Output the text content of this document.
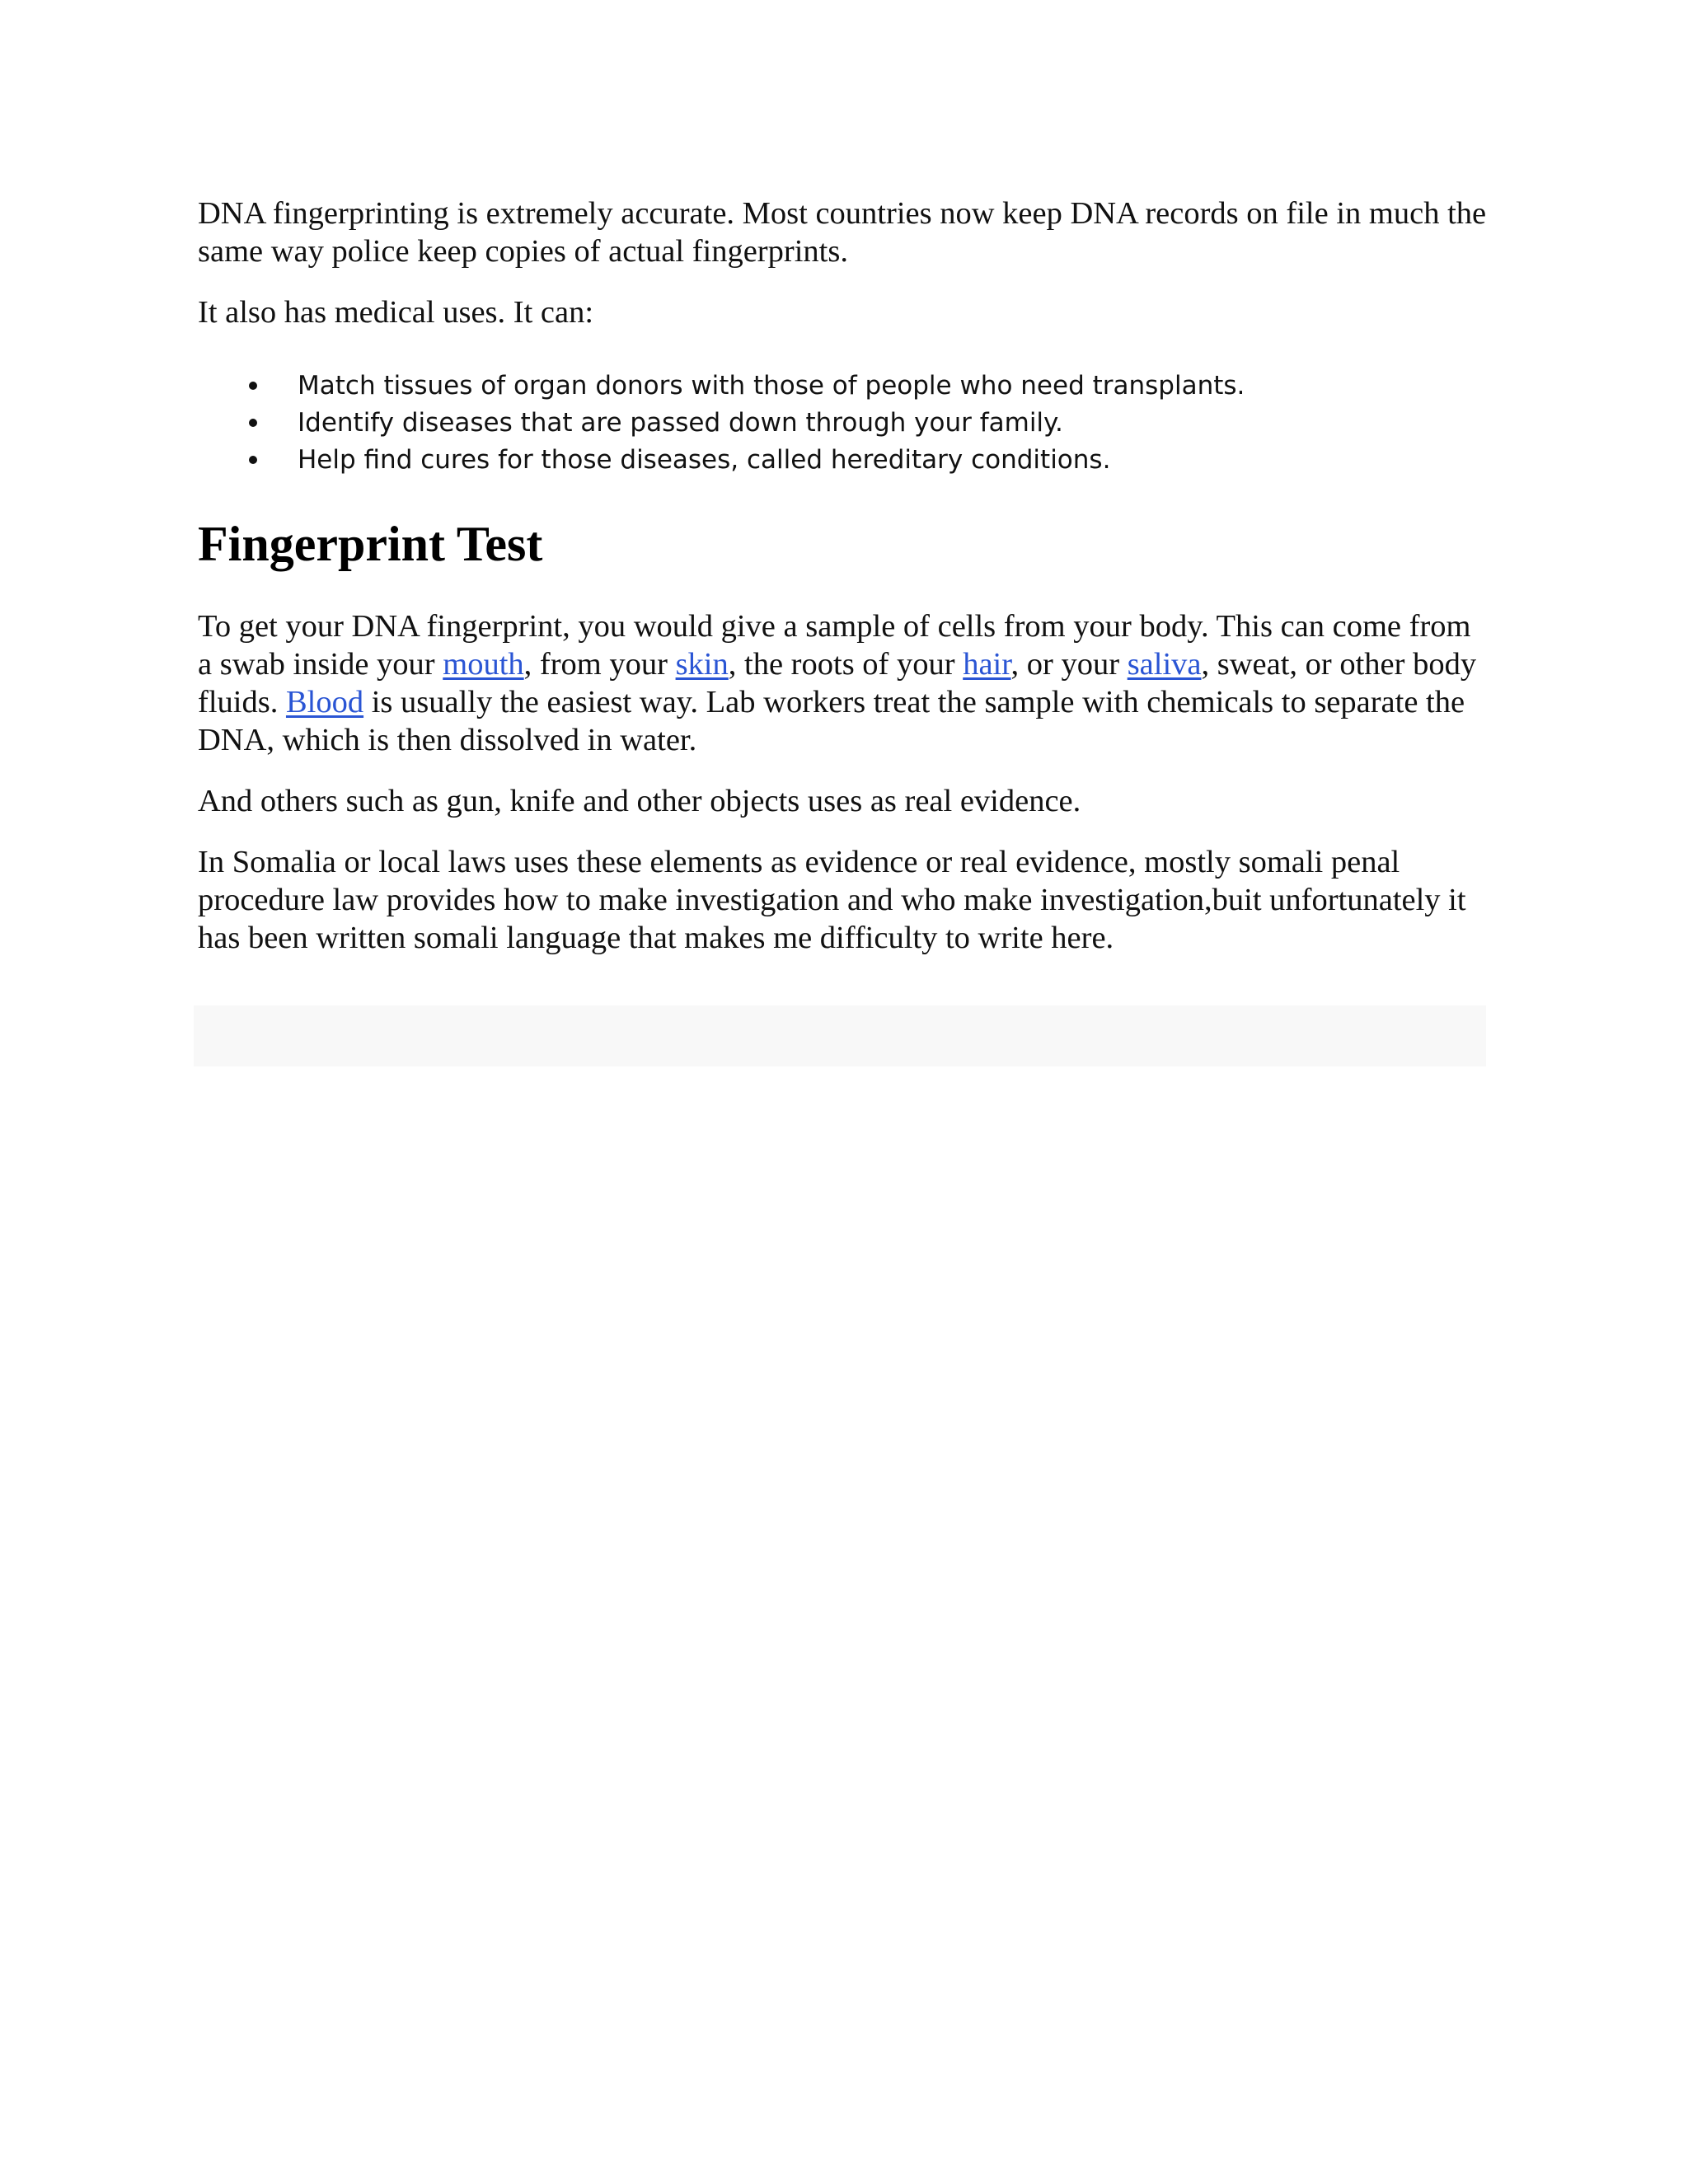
DNA fingerprinting is extremely accurate. Most countries now keep DNA records on file in much the same way police keep copies of actual fingerprints.

It also has medical uses. It can:

Match tissues of organ donors with those of people who need transplants.
Identify diseases that are passed down through your family.
Help find cures for those diseases, called hereditary conditions.
Fingerprint Test

To get your DNA fingerprint, you would give a sample of cells from your body. This can come from a swab inside your mouth, from your skin, the roots of your hair, or your saliva, sweat, or other body fluids. Blood is usually the easiest way. Lab workers treat the sample with chemicals to separate the DNA, which is then dissolved in water.

And others such as gun, knife and other objects uses as real evidence.

In Somalia or local laws uses these elements as evidence or real evidence, mostly somali penal procedure law provides how to make investigation and who make investigation,buit unfortunately it has been written somali language that makes me difficulty to write here.
